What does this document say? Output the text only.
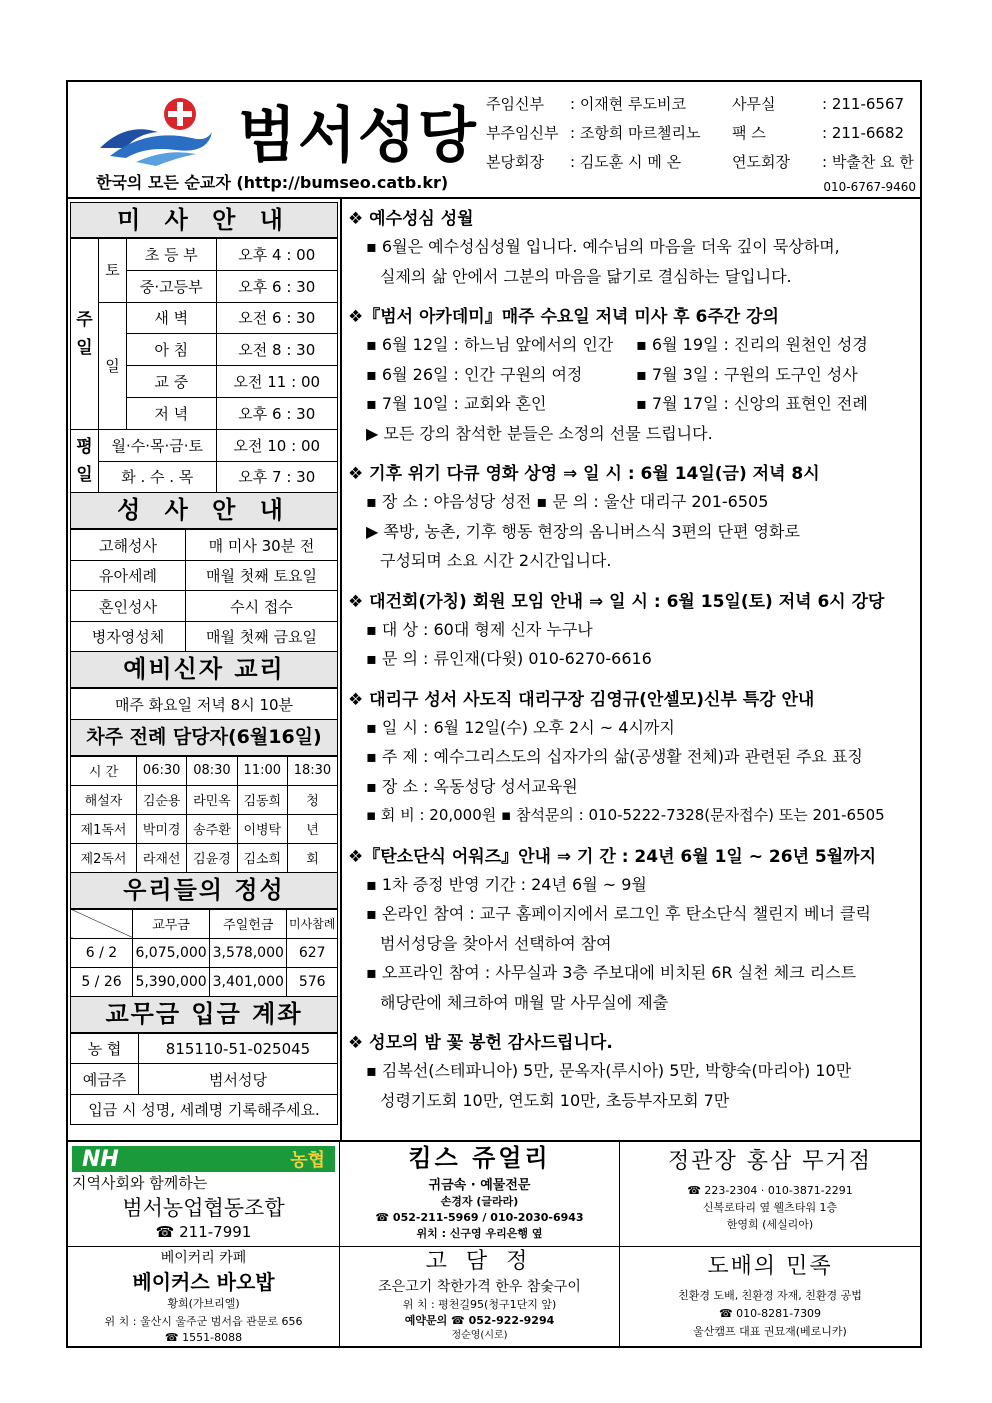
범서성당
한국의 모든 순교자 (http://bumseo.catb.kr)
주임신부	: 이재현 루도비코	사무실	: 211-6567
부주임신부 : 조항희 마르첼리노	팩 스	: 211-6682
본당회장	: 김도훈 시 메 온	연도회장	: 박출찬 요 한
010-6767-9460
미 사 안 내
주일	토	초 등 부	오후 4 : 00
		중·고등부	오후 6 : 30
	일	새 벽	오전 6 : 30
		아 침	오전 8 : 30
		교 중	오전 11 : 00
		저 녁	오후 6 : 30
평일	월·수·목·금·토		오전 10 : 00
	화 . 수 . 목		오후 7 : 30
성 사 안 내
고해성사	매 미사 30분 전
유아세례	매월 첫째 토요일
혼인성사	수시 접수
병자영성체	매월 첫째 금요일
예비신자 교리
매주 화요일 저녁 8시 10분
차주 전례 담당자(6월16일)
시 간	06:30	08:30	11:00	18:30
해설자	김순용	라민옥	김동희	청
제1독서	박미경	송주환	이병탁	년
제2독서	라재선	김윤경	김소희	회
우리들의 정성
	교무금	주일헌금	미사참례
6 / 2	6,075,000	3,578,000	627
5 / 26	5,390,000	3,401,000	576
교무금 입금 계좌
농 협	815110-51-025045
예금주	범서성당
입금 시 성명, 세례명 기록해주세요.	
❖ 예수성심 성월
▪ 6월은 예수성심성월 입니다. 예수님의 마음을 더욱 깊이 묵상하며,
실제의 삶 안에서 그분의 마음을 닮기로 결심하는 달입니다.
❖『범서 아카데미』매주 수요일 저녁 미사 후 6주간 강의
▪ 6월 12일 : 하느님 앞에서의 인간	▪ 6월 19일 : 진리의 원천인 성경
▪ 6월 26일 : 인간 구원의 여정	▪ 7월 3일 : 구원의 도구인 성사
▪ 7월 10일 : 교회와 혼인	▪ 7월 17일 : 신앙의 표현인 전례
▶ 모든 강의 참석한 분들은 소정의 선물 드립니다.
❖ 기후 위기 다큐 영화 상영 ⇒ 일 시 : 6월 14일(금) 저녁 8시
▪ 장 소 : 야음성당 성전 ▪ 문 의 : 울산 대리구 201-6505
▶ 쪽방, 농촌, 기후 행동 현장의 옴니버스식 3편의 단편 영화로
구성되며 소요 시간 2시간입니다.
❖ 대건회(가칭) 회원 모임 안내 ⇒ 일 시 : 6월 15일(토) 저녁 6시 강당
▪ 대 상 : 60대 형제 신자 누구나
▪ 문 의 : 류인재(다윗) 010-6270-6616
❖ 대리구 성서 사도직 대리구장 김영규(안셀모)신부 특강 안내
▪ 일 시 : 6월 12일(수) 오후 2시 ~ 4시까지
▪ 주 제 : 예수그리스도의 십자가의 삶(공생활 전체)과 관련된 주요 표징
▪ 장 소 : 옥동성당 성서교육원
▪ 회 비 : 20,000원 ▪ 참석문의 : 010-5222-7328(문자접수) 또는 201-6505
❖『탄소단식 어워즈』안내 ⇒ 기 간 : 24년 6월 1일 ~ 26년 5월까지
▪ 1차 증정 반영 기간 : 24년 6월 ~ 9월
▪ 온라인 참여 : 교구 홈페이지에서 로그인 후 탄소단식 챌린지 베너 클릭
범서성당을 찾아서 선택하여 참여
▪ 오프라인 참여 : 사무실과 3층 주보대에 비치된 6R 실천 체크 리스트
해당란에 체크하여 매월 말 사무실에 제출
❖ 성모의 밤 꽃 봉헌 감사드립니다.
▪ 김복선(스테파니아) 5만, 문옥자(루시아) 5만, 박향숙(마리아) 10만
성령기도회 10만, 연도회 10만, 초등부자모회 7만
NH	농협
지역사회와 함께하는
범서농업협동조합
☎ 211-7991
킴스 쥬얼리
귀금속 · 예물전문
손경자 (글라라)
☎ 052-211-5969 / 010-2030-6943
위치 : 신구영 우리은행 옆
정관장 홍삼 무거점
☎ 223-2304 · 010-3871-2291
신복로타리 옆 웰츠타워 1층
한영희 (세실리아)
베이커리 카페
베이커스 바오밥
황희(가브리엘)
위 치 : 울산시 울주군 범서읍 관문로 656
☎ 1551-8088
고 담 정
조은고기 착한가격 한우 참숯구이
위 치 : 평천길95(청구1단지 앞)
예약문의 ☎ 052-922-9294
정순영(시로)
도배의 민족
친환경 도배, 친환경 자재, 친환경 공법
☎ 010-8281-7309
울산캠프 대표 권묘재(베로니카)
